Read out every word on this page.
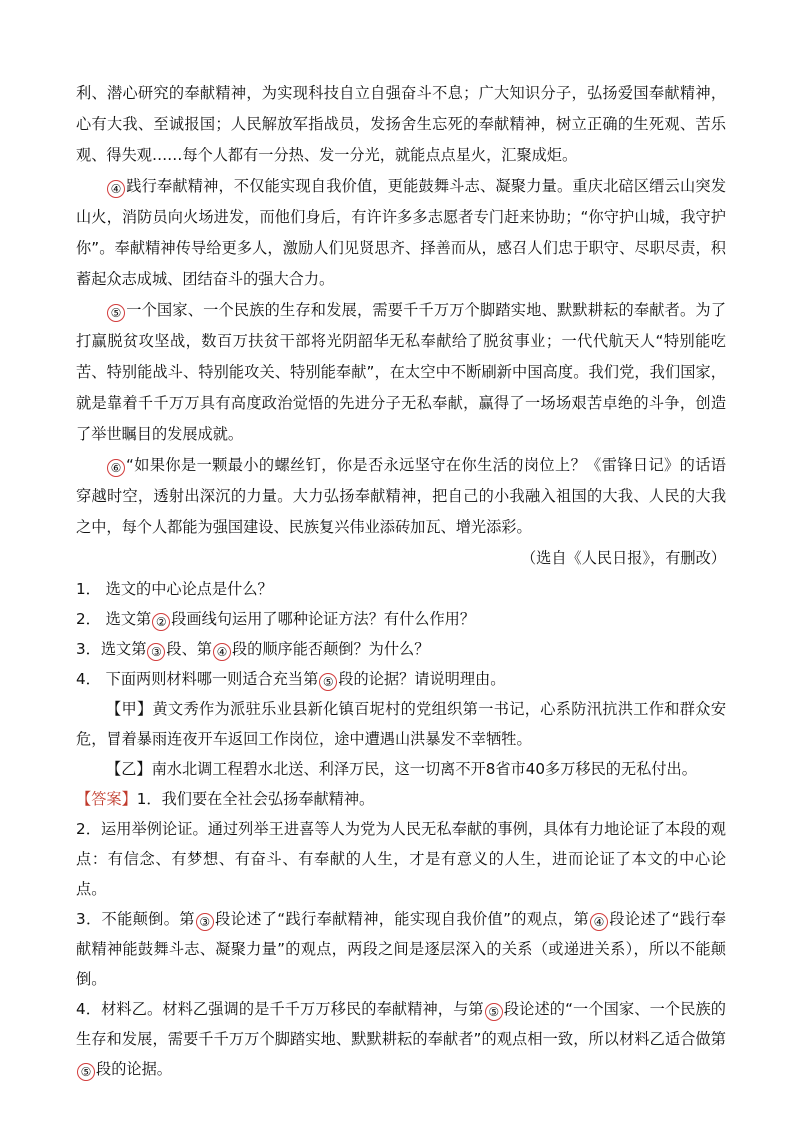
利、潜心研究的奉献精神，为实现科技自立自强奋斗不息；广大知识分子，弘扬爱国奉献精神，心有大我、至诚报国；人民解放军指战员，发扬舍生忘死的奉献精神，树立正确的生死观、苦乐观、得失观……每个人都有一分热、发一分光，就能点点星火，汇聚成炬。

④ 践行奉献精神，不仅能实现自我价值，更能鼓舞斗志、凝聚力量。重庆北碚区缙云山突发山火，消防员向火场进发，而他们身后，有许许多多志愿者专门赶来协助；“你守护山城，我守护你”。奉献精神传导给更多人，激励人们见贤思齐、择善而从，感召人们忠于职守、尽职尽责，积蓄起众志成城、团结奋斗的强大合力。

⑤ 一个国家、一个民族的生存和发展，需要千千万万个脚踏实地、默默耕耘的奉献者。为了打赢脱贫攻坚战，数百万扶贫干部将光阴韶华无私奉献给了脱贫事业；一代代航天人“特别能吃苦、特别能战斗、特别能攻关、特别能奉献”，在太空中不断刷新中国高度。我们党，我们国家，就是靠着千千万万具有高度政治觉悟的先进分子无私奉献，赢得了一场场艰苦卓绝的斗争，创造了举世瞩目的发展成就。

⑥ “如果你是一颗最小的螺丝钉，你是否永远坚守在你生活的岗位上？《雷锋日记》的话语穿越时空，透射出深沉的力量。大力弘扬奉献精神，把自己的小我融入祖国的大我、人民的大我之中，每个人都能为强国建设、民族复兴伟业添砖加瓦、增光添彩。

（选自《人民日报》，有删改）

1． 选文的中心论点是什么？

2． 选文第 ② 段画线句运用了哪种论证方法？有什么作用？

3．选文第 ③ 段、第 ④ 段的顺序能否颠倒？为什么？

4． 下面两则材料哪一则适合充当第 ⑤ 段的论据？请说明理由。

【甲】黄文秀作为派驻乐业县新化镇百坭村的党组织第一书记，心系防汛抗洪工作和群众安危，冒着暴雨连夜开车返回工作岗位，途中遭遇山洪暴发不幸牺牲。

【乙】南水北调工程碧水北送、利泽万民，这一切离不开8省市40多万移民的无私付出。

【答案】1．我们要在全社会弘扬奉献精神。

2．运用举例论证。通过列举王进喜等人为党为人民无私奉献的事例，具体有力地论证了本段的观点：有信念、有梦想、有奋斗、有奉献的人生，才是有意义的人生，进而论证了本文的中心论点。

3．不能颠倒。第 ③ 段论述了“践行奉献精神，能实现自我价值”的观点，第 ④ 段论述了“践行奉献精神能鼓舞斗志、凝聚力量”的观点，两段之间是逐层深入的关系（或递进关系），所以不能颠倒。

4．材料乙。材料乙强调的是千千万万移民的奉献精神，与第 ⑤ 段论述的“一个国家、一个民族的生存和发展，需要千千万万个脚踏实地、默默耕耘的奉献者”的观点相一致，所以材料乙适合做第⑤ 段的论据。
